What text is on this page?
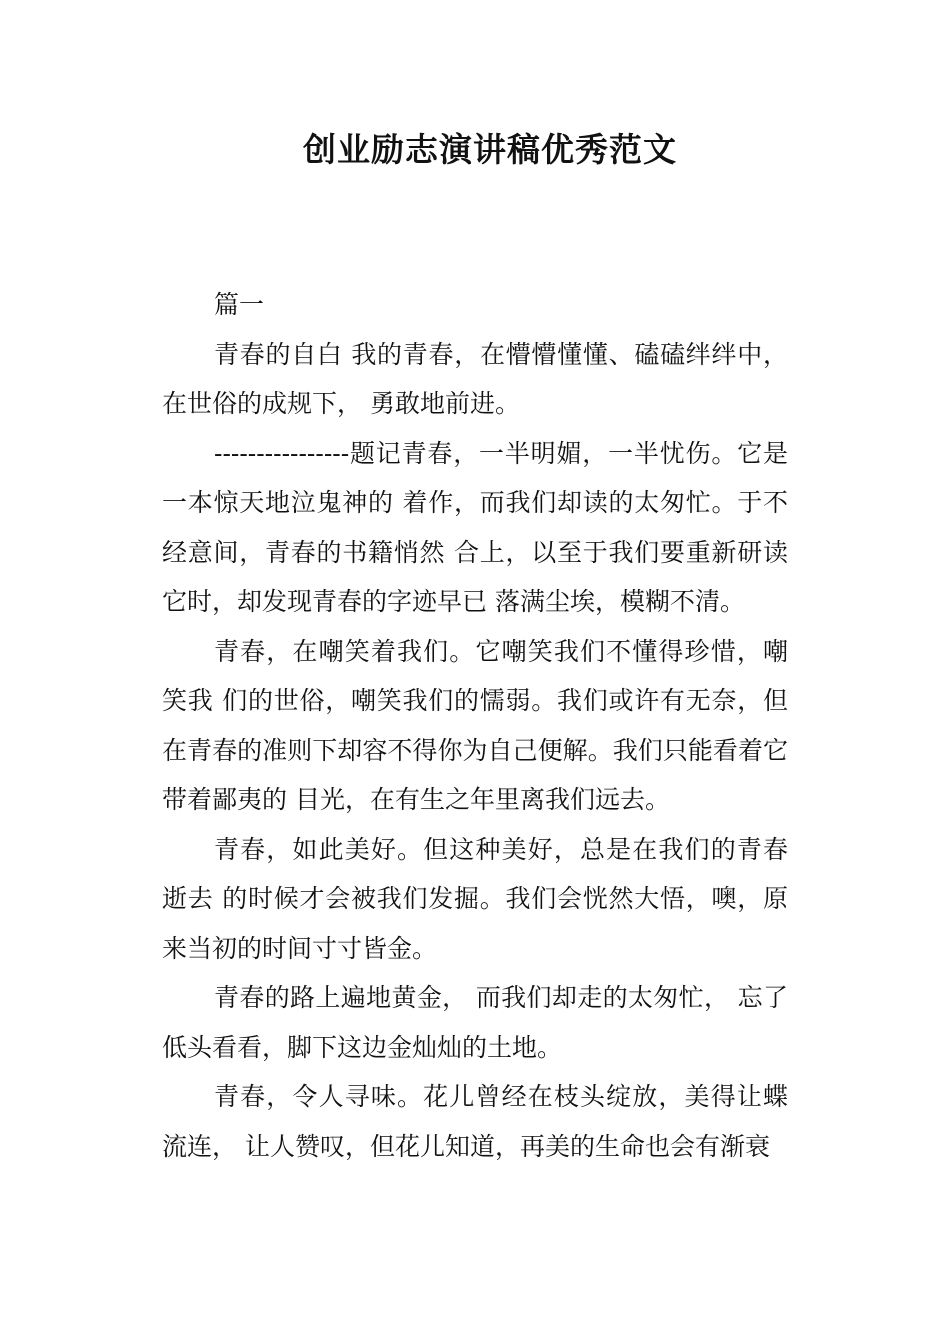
创业励志演讲稿优秀范文

篇一

青春的自白 我的青春，在懵懵懂懂、磕磕绊绊中，在世俗的成规下， 勇敢地前进。

----------------题记青春，一半明媚，一半忧伤。它是一本惊天地泣鬼神的 着作，而我们却读的太匆忙。于不经意间，青春的书籍悄然 合上，以至于我们要重新研读它时，却发现青春的字迹早已 落满尘埃，模糊不清。

青春，在嘲笑着我们。它嘲笑我们不懂得珍惜，嘲笑我 们的世俗，嘲笑我们的懦弱。我们或许有无奈，但在青春的准则下却容不得你为自己便解。我们只能看着它带着鄙夷的 目光，在有生之年里离我们远去。

青春，如此美好。但这种美好，总是在我们的青春逝去 的时候才会被我们发掘。我们会恍然大悟，噢，原来当初的时间寸寸皆金。

青春的路上遍地黄金， 而我们却走的太匆忙， 忘了低头看看，脚下这边金灿灿的土地。

青春，令人寻味。花儿曾经在枝头绽放，美得让蝶流连， 让人赞叹，但花儿知道，再美的生命也会有渐衰
